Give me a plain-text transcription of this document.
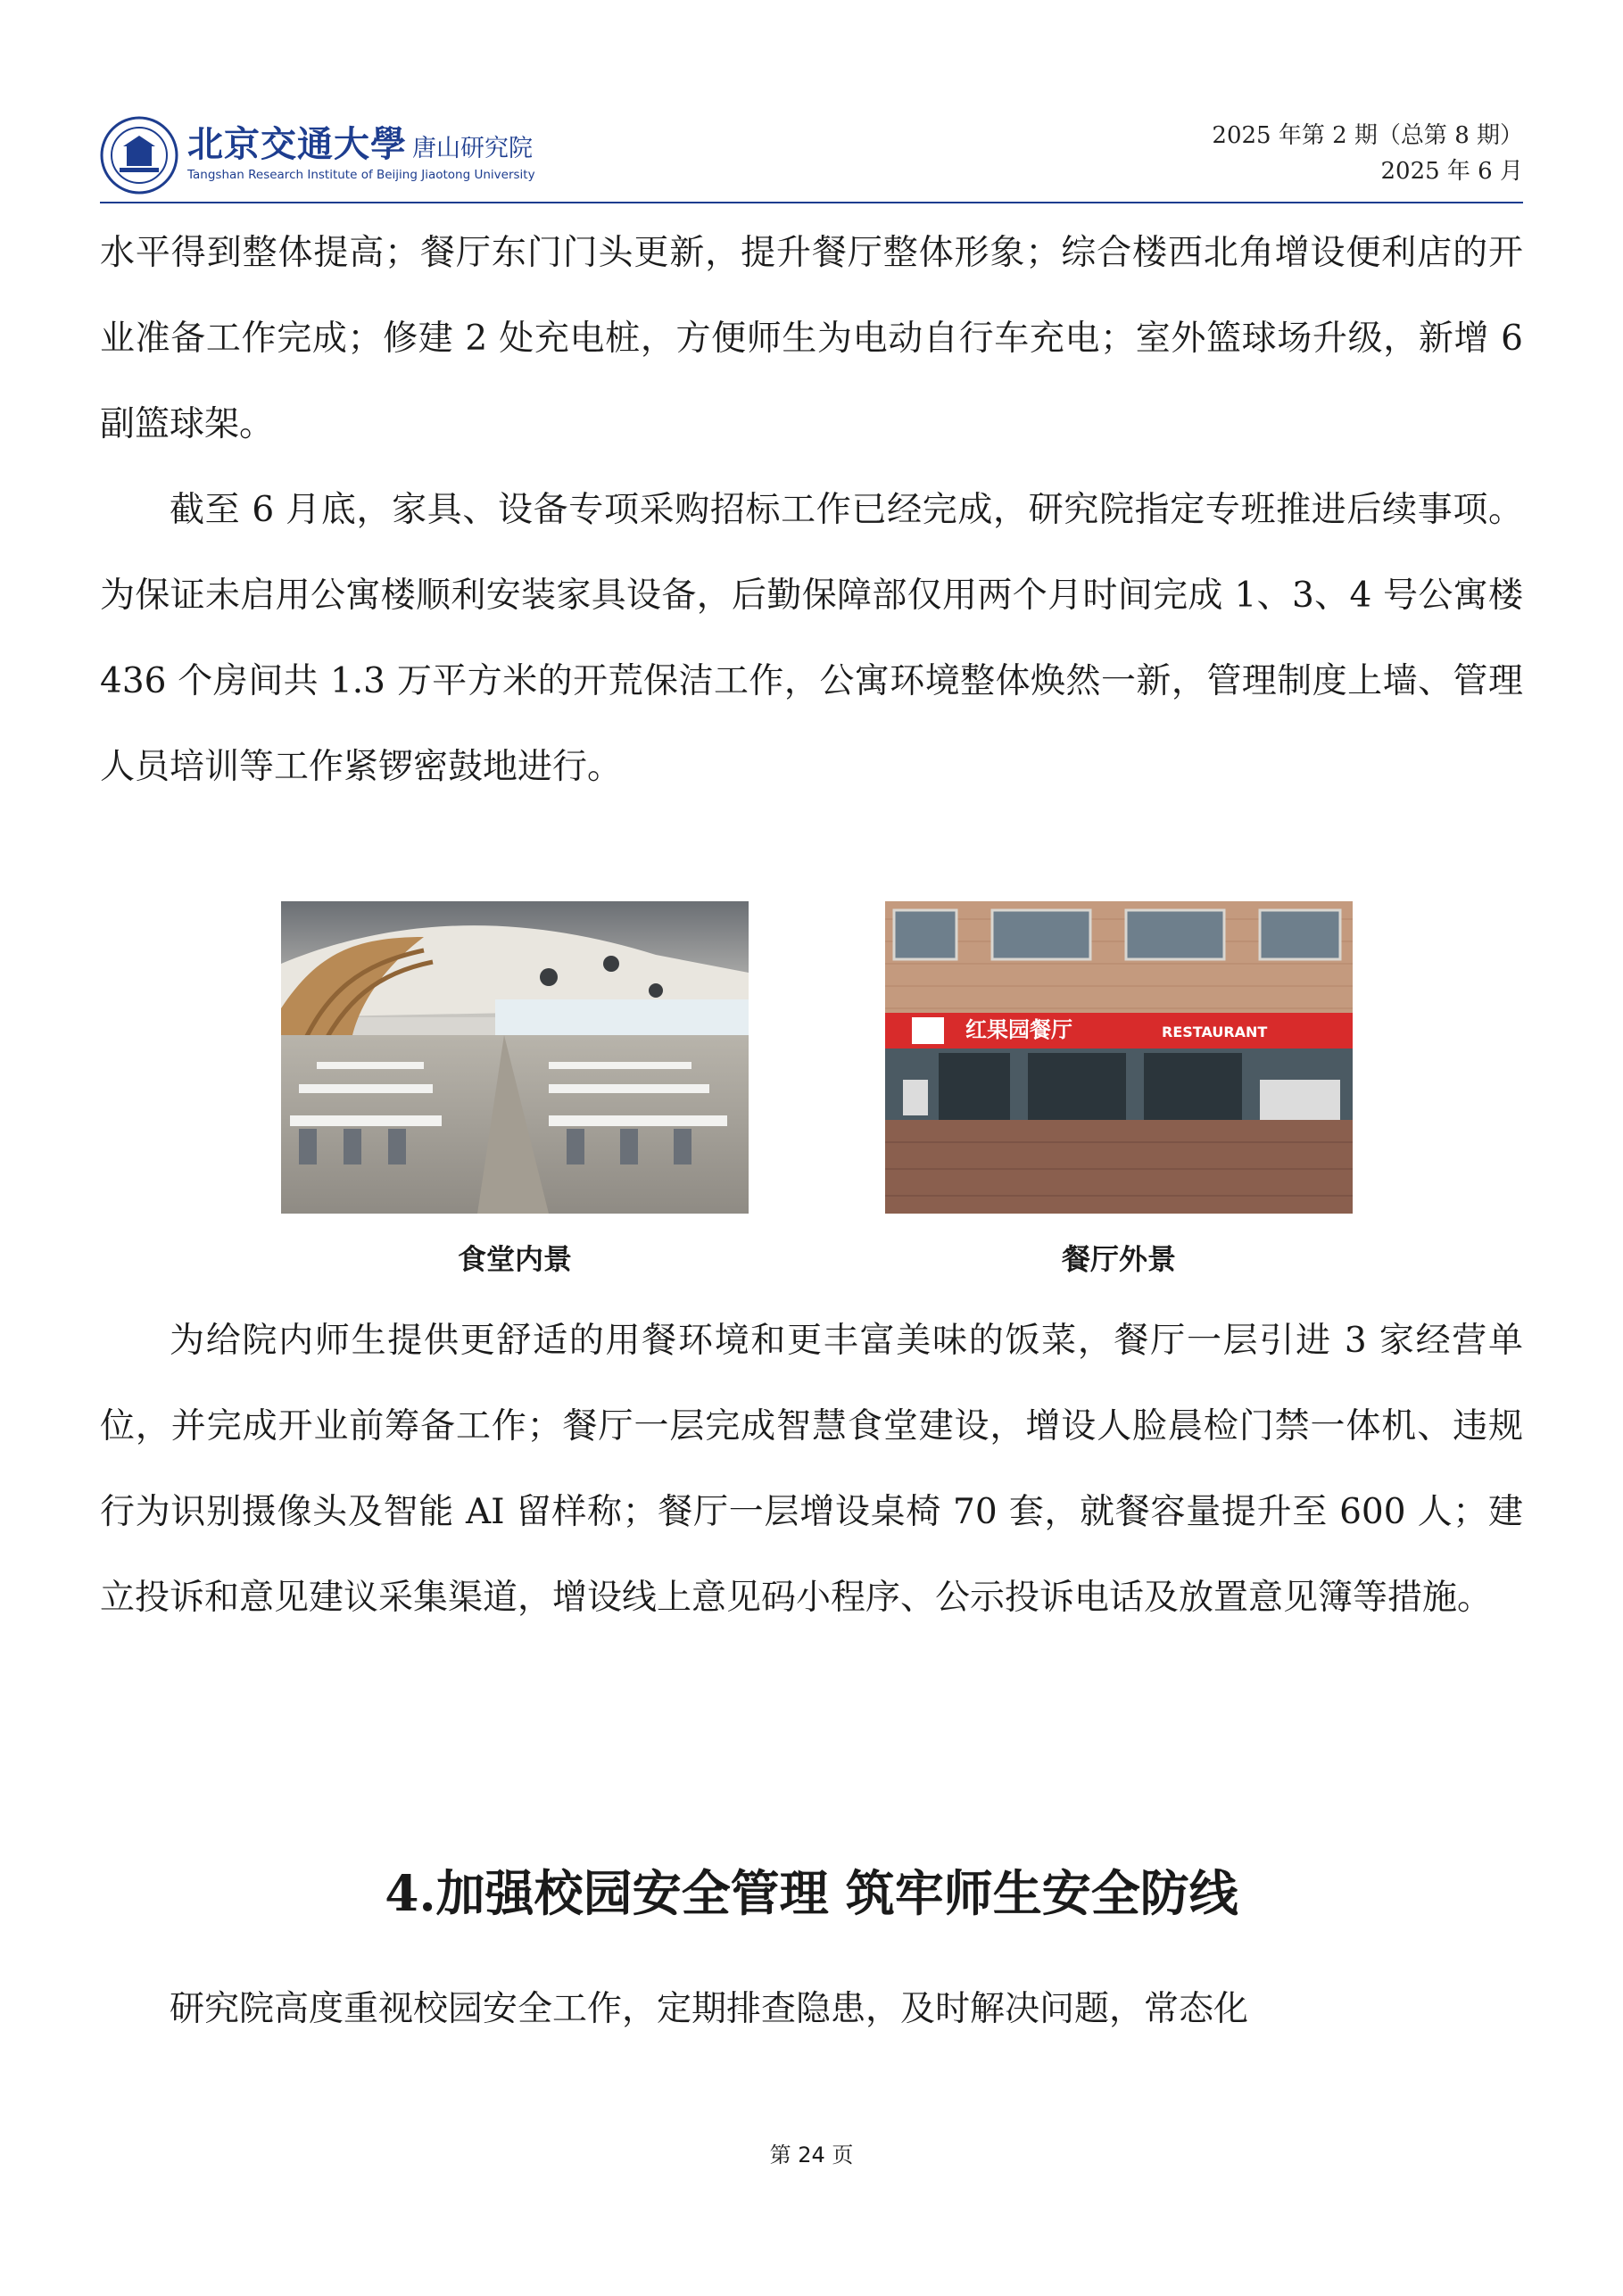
北京交通大學 唐山研究院
Tangshan Research Institute of Beijing Jiaotong University
2025 年第 2 期（总第 8 期）
2025 年 6 月

水平得到整体提高；餐厅东门门头更新，提升餐厅整体形象；综合楼西北角增设便利店的开业准备工作完成；修建 2 处充电桩，方便师生为电动自行车充电；室外篮球场升级，新增 6 副篮球架。

截至 6 月底，家具、设备专项采购招标工作已经完成，研究院指定专班推进后续事项。为保证未启用公寓楼顺利安装家具设备，后勤保障部仅用两个月时间完成 1、3、4 号公寓楼 436 个房间共 1.3 万平方米的开荒保洁工作，公寓环境整体焕然一新，管理制度上墙、管理人员培训等工作紧锣密鼓地进行。

食堂内景
红果园餐厅	RESTAURANT
餐厅外景

为给院内师生提供更舒适的用餐环境和更丰富美味的饭菜，餐厅一层引进 3 家经营单位，并完成开业前筹备工作；餐厅一层完成智慧食堂建设，增设人脸晨检门禁一体机、违规行为识别摄像头及智能 AI 留样称；餐厅一层增设桌椅 70 套，就餐容量提升至 600 人；建立投诉和意见建议采集渠道，增设线上意见码小程序、公示投诉电话及放置意见簿等措施。

4.加强校园安全管理 筑牢师生安全防线

研究院高度重视校园安全工作，定期排查隐患，及时解决问题，常态化

第 24 页
